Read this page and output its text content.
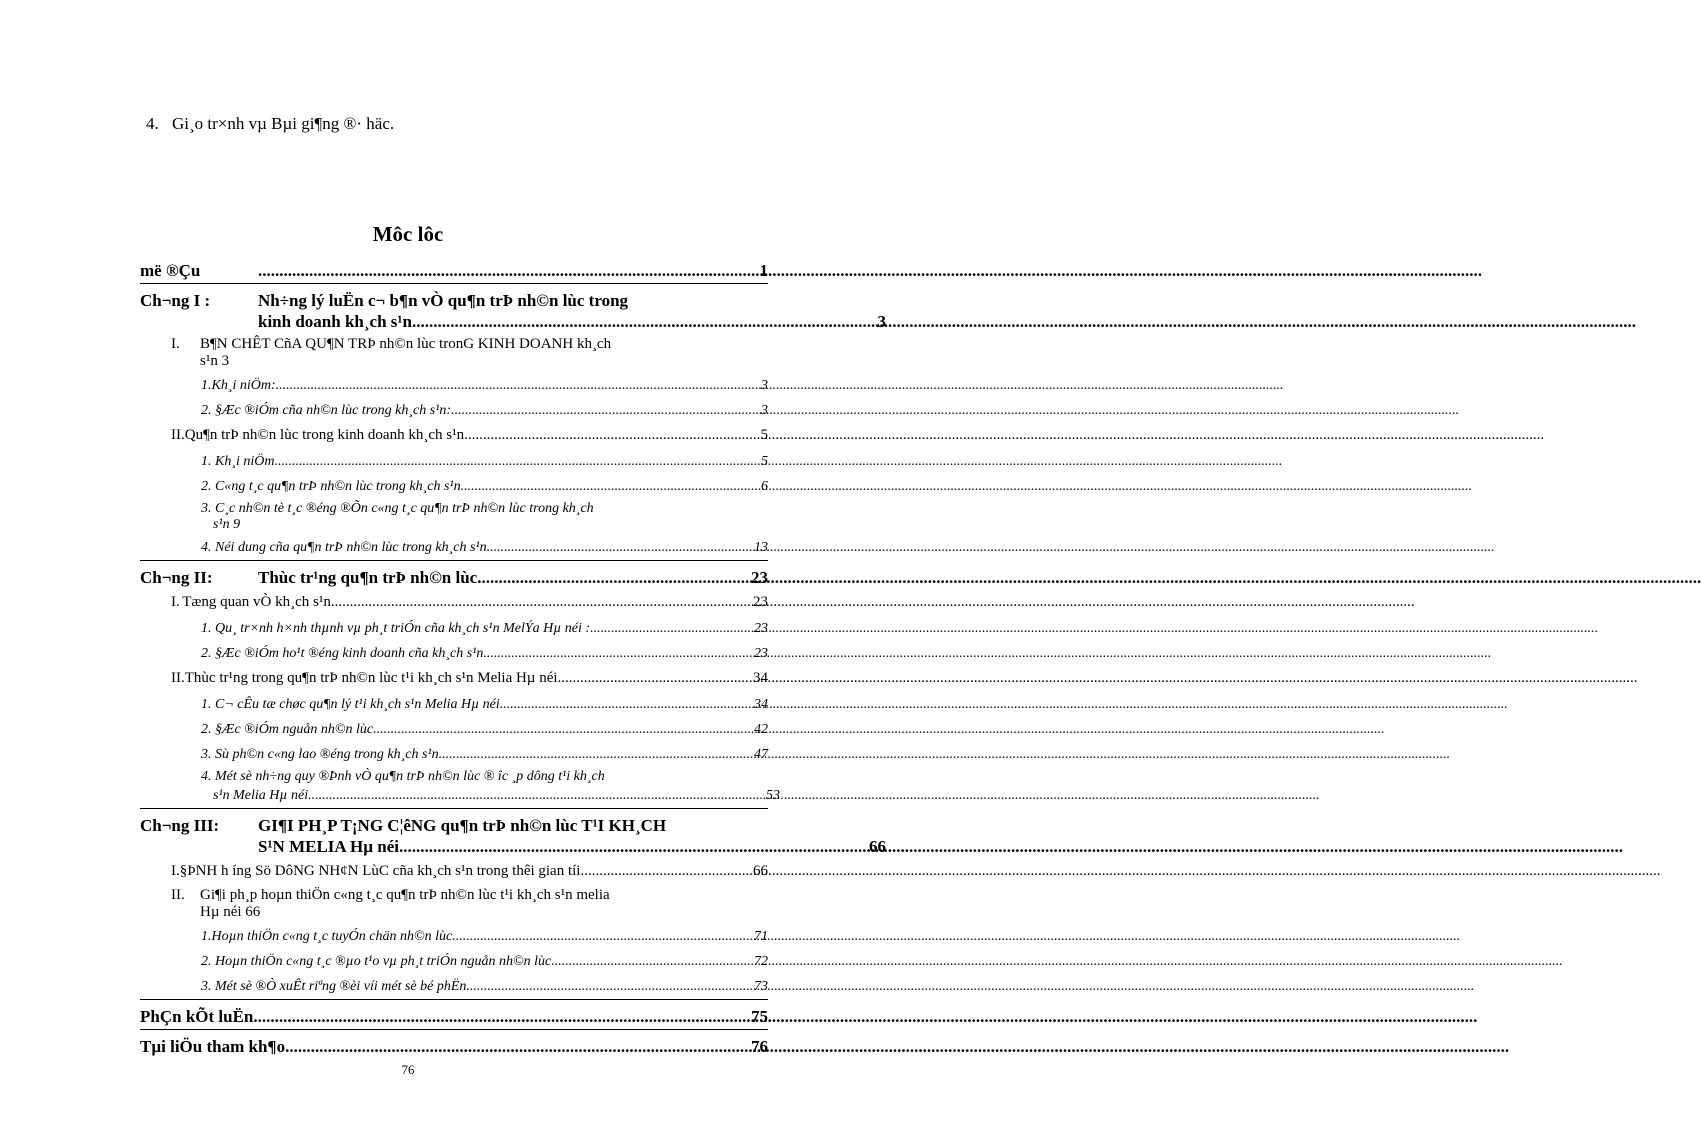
4. Gi¸o tr×nh vµ Bµi gi¶ng ®· häc.
Môc lôc
më ®Çu .....	1
Ch¬ng I :	Nh÷ng lý luËn c¬ b¶n vÒ qu¶n trÞ nh©n lùc trong
kinh doanh kh¸ch s¹n .....	3
I. B¶N CHÊT CñA QU¶N TRÞ nh©n lùc tronG KINH DOANH kh¸ch
s¹n 3
1.Kh¸i niÖm: .....	3
2. §Æc ®iÓm cña nh©n lùc trong kh¸ch s¹n: .....	3
II. Qu¶n trÞ nh©n lùc trong kinh doanh kh¸ch s¹n .....	5
1. Kh¸i niÖm .....	5
2. C«ng t¸c qu¶n trÞ nh©n lùc trong kh¸ch s¹n. .....	6
3. C¸c nh©n tè t¸c ®éng ®Õn c«ng t¸c qu¶n trÞ nh©n lùc trong kh¸ch
s¹n 9
4. Néi dung cña qu¶n trÞ nh©n lùc trong kh¸ch s¹n .....	13
Ch¬ng II:	Thùc tr¹ng qu¶n trÞ nh©n lùc .....	23
I. Tæng quan vÒ kh¸ch s¹n. .....	23
1. Qu¸ tr×nh h×nh thµnh vµ ph¸t triÓn cña kh¸ch s¹n MelÝa Hµ néi : .....	23
2. §Æc ®iÓm ho¹t ®éng kinh doanh cña kh¸ch s¹n .....	23
II. Thùc tr¹ng trong qu¶n trÞ nh©n lùc t¹i kh¸ch s¹n Melia Hµ néi .....	34
1. C¬ cÊu tæ chøc qu¶n lý t¹i kh¸ch s¹n Melia Hµ néi .....	34
2. §Æc ®iÓm nguån nh©n lùc. .....	42
3. Sù ph©n c«ng lao ®éng trong kh¸ch s¹n. .....	47
4. Mét sè nh÷ng quy ®Þnh vÒ qu¶n trÞ nh©n lùc ® îc ¸p dông t¹i kh¸ch
s¹n Melia Hµ néi. .....	53
Ch¬ng III:	GI¶I PH¸P T¡NG C¦êNG qu¶n trÞ nh©n lùc T¹I KH¸CH
S¹N MELIA Hµ néi .....	66
I. §ÞNH h íng Sö DôNG NH¢N LùC cña kh¸ch s¹n trong thêi gian tíi .....	66
II. Gi¶i ph¸p hoµn thiÖn c«ng t¸c qu¶n trÞ nh©n lùc t¹i kh¸ch s¹n melia
Hµ néi 66
1.Hoµn thiÖn c«ng t¸c tuyÓn chän nh©n lùc .....	71
2. Hoµn thiÖn c«ng t¸c ®µo t¹o vµ ph¸t triÓn nguån nh©n lùc. .....	72
3. Mét sè ®Ò xuÊt riªng ®èi víi mét sè bé phËn .....	73
PhÇn kÕt luËn .....	75
Tµi liÖu tham kh¶o .....	76
76
